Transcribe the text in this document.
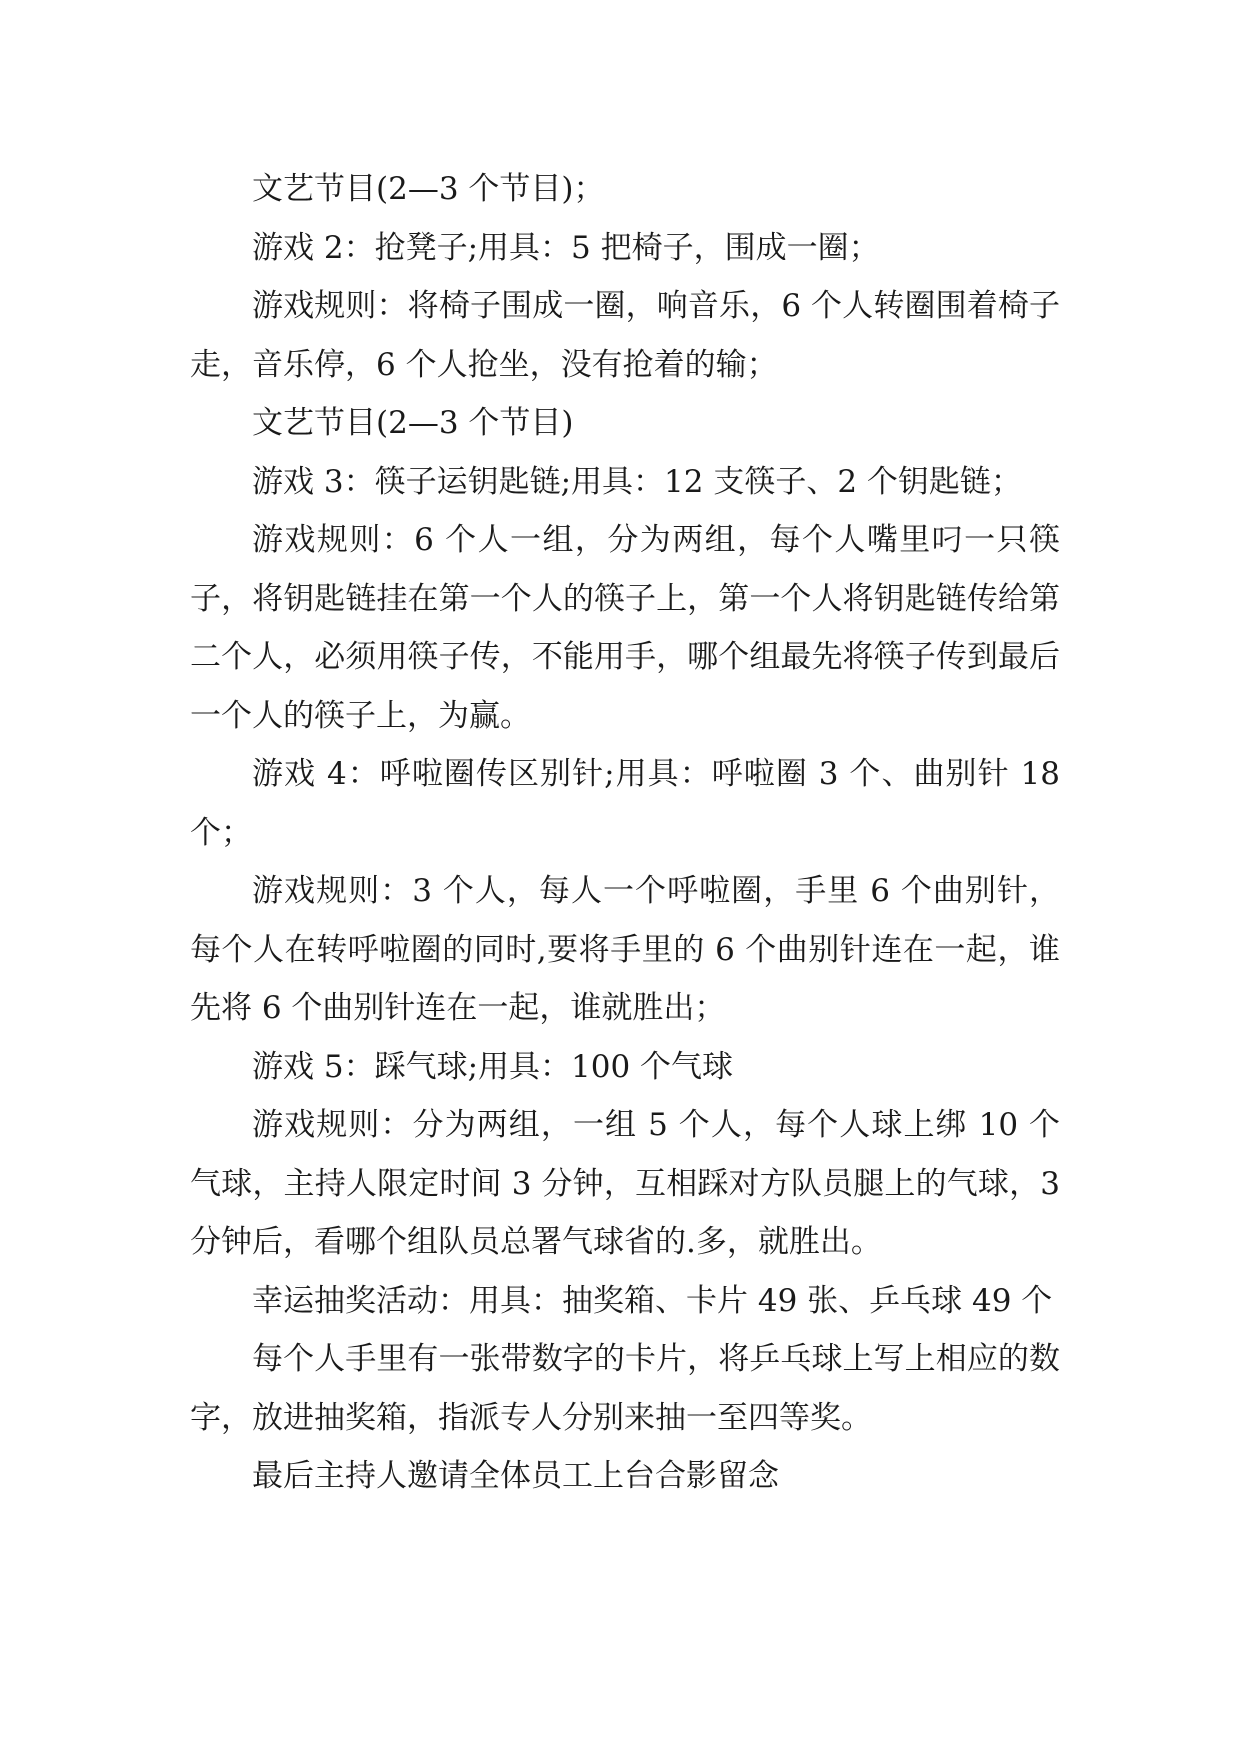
文艺节目(2—3 个节目)；

游戏 2：抢凳子;用具：5 把椅子，围成一圈；

游戏规则：将椅子围成一圈，响音乐，6 个人转圈围着椅子走，音乐停，6 个人抢坐，没有抢着的输；

文艺节目(2—3 个节目)

游戏 3：筷子运钥匙链;用具：12 支筷子、2 个钥匙链；

游戏规则：6 个人一组，分为两组，每个人嘴里叼一只筷子，将钥匙链挂在第一个人的筷子上，第一个人将钥匙链传给第二个人，必须用筷子传，不能用手，哪个组最先将筷子传到最后一个人的筷子上，为赢。

游戏 4：呼啦圈传区别针;用具：呼啦圈 3 个、曲别针 18 个；

游戏规则：3 个人，每人一个呼啦圈，手里 6 个曲别针，每个人在转呼啦圈的同时,要将手里的 6 个曲别针连在一起，谁先将 6 个曲别针连在一起，谁就胜出；

游戏 5：踩气球;用具：100 个气球

游戏规则：分为两组，一组 5 个人，每个人球上绑 10 个气球，主持人限定时间 3 分钟，互相踩对方队员腿上的气球，3 分钟后，看哪个组队员总署气球省的.多，就胜出。

幸运抽奖活动：用具：抽奖箱、卡片 49 张、乒乓球 49 个

每个人手里有一张带数字的卡片，将乒乓球上写上相应的数字，放进抽奖箱，指派专人分别来抽一至四等奖。

最后主持人邀请全体员工上台合影留念
